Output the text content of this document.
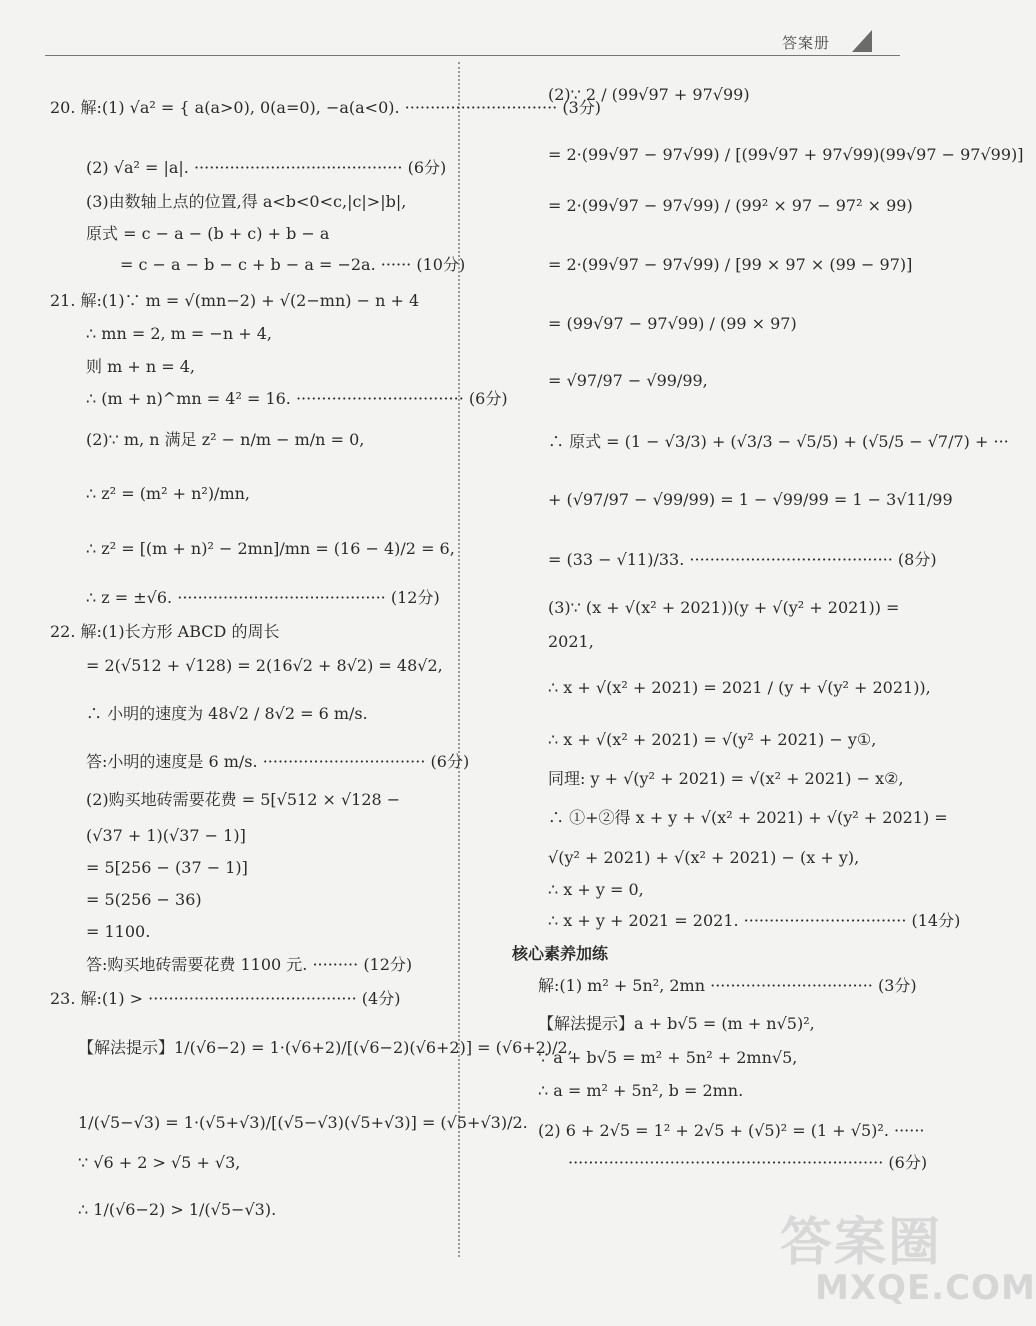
答案册
20. 解:(1) √a² = { a(a>0), 0(a=0), −a(a<0). ······························ (3分)
(2) √a² = |a|. ········································· (6分)
(3)由数轴上点的位置,得 a<b<0<c,|c|>|b|,
原式 = c − a − (b + c) + b − a
= c − a − b − c + b − a = −2a. ······ (10分)
21. 解:(1)∵ m = √(mn−2) + √(2−mn) − n + 4
∴ mn = 2, m = −n + 4,
则 m + n = 4,
∴ (m + n)^mn = 4² = 16. ································· (6分)
(2)∵ m, n 满足 z² − n/m − m/n = 0,
∴ z² = (m² + n²)/mn,
∴ z² = [(m + n)² − 2mn]/mn = (16 − 4)/2 = 6,
∴ z = ±√6. ········································· (12分)
22. 解:(1)长方形 ABCD 的周长
= 2(√512 + √128) = 2(16√2 + 8√2) = 48√2,
∴ 小明的速度为 48√2 / 8√2 = 6 m/s.
答:小明的速度是 6 m/s. ································ (6分)
(2)购买地砖需要花费 = 5[√512 × √128 −
(√37 + 1)(√37 − 1)]
= 5[256 − (37 − 1)]
= 5(256 − 36)
= 1100.
答:购买地砖需要花费 1100 元. ········· (12分)
23. 解:(1) > ········································· (4分)
【解法提示】1/(√6−2) = 1·(√6+2)/[(√6−2)(√6+2)] = (√6+2)/2,
1/(√5−√3) = 1·(√5+√3)/[(√5−√3)(√5+√3)] = (√5+√3)/2.
∵ √6 + 2 > √5 + √3,
∴ 1/(√6−2) > 1/(√5−√3).
(2)∵ 2 / (99√97 + 97√99)
= 2·(99√97 − 97√99) / [(99√97 + 97√99)(99√97 − 97√99)]
= 2·(99√97 − 97√99) / (99² × 97 − 97² × 99)
= 2·(99√97 − 97√99) / [99 × 97 × (99 − 97)]
= (99√97 − 97√99) / (99 × 97)
= √97/97 − √99/99,
∴ 原式 = (1 − √3/3) + (√3/3 − √5/5) + (√5/5 − √7/7) + ···
+ (√97/97 − √99/99) = 1 − √99/99 = 1 − 3√11/99
= (33 − √11)/33. ········································ (8分)
(3)∵ (x + √(x² + 2021))(y + √(y² + 2021)) =
2021,
∴ x + √(x² + 2021) = 2021 / (y + √(y² + 2021)),
∴ x + √(x² + 2021) = √(y² + 2021) − y①,
同理: y + √(y² + 2021) = √(x² + 2021) − x②,
∴ ①+②得 x + y + √(x² + 2021) + √(y² + 2021) =
√(y² + 2021) + √(x² + 2021) − (x + y),
∴ x + y = 0,
∴ x + y + 2021 = 2021. ································ (14分)
核心素养加练
解:(1) m² + 5n², 2mn ································ (3分)
【解法提示】a + b√5 = (m + n√5)²,
∵ a + b√5 = m² + 5n² + 2mn√5,
∴ a = m² + 5n², b = 2mn.
(2) 6 + 2√5 = 1² + 2√5 + (√5)² = (1 + √5)². ······
······························································ (6分)
答案圈
MXQE.COM
